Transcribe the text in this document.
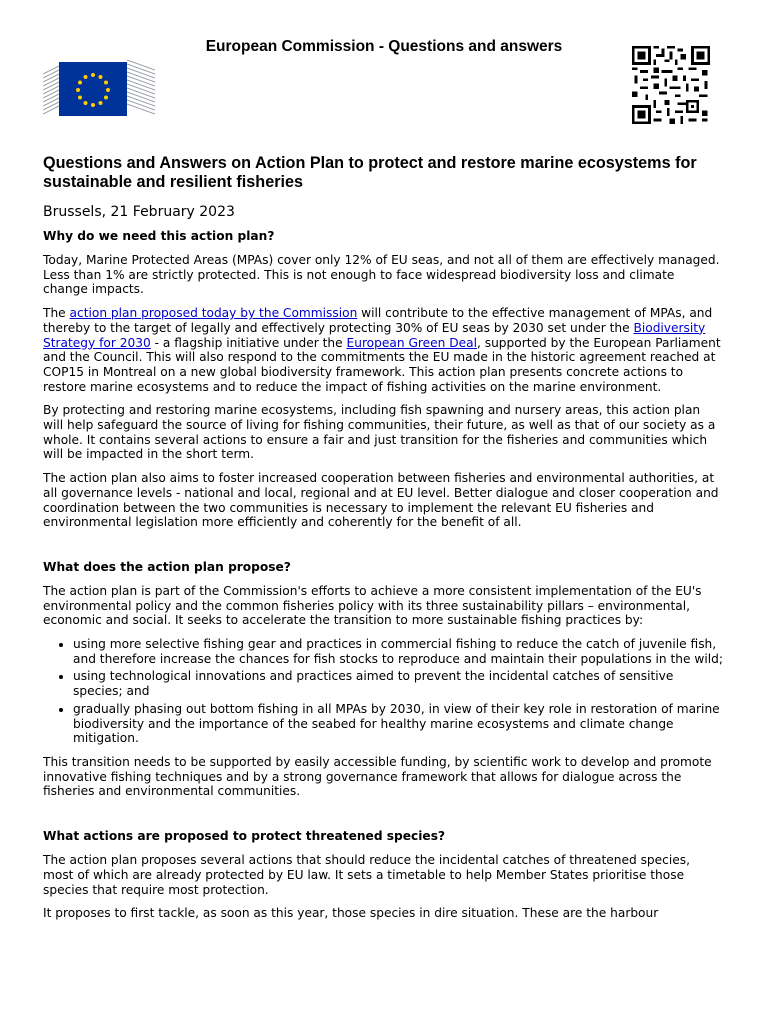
European Commission - Questions and answers
Questions and Answers on Action Plan to protect and restore marine ecosystems for sustainable and resilient fisheries
Brussels, 21 February 2023
Why do we need this action plan?

Today, Marine Protected Areas (MPAs) cover only 12% of EU seas, and not all of them are effectively managed. Less than 1% are strictly protected. This is not enough to face widespread biodiversity loss and climate change impacts.

The action plan proposed today by the Commission will contribute to the effective management of MPAs, and thereby to the target of legally and effectively protecting 30% of EU seas by 2030 set under the Biodiversity Strategy for 2030 - a flagship initiative under the European Green Deal, supported by the European Parliament and the Council. This will also respond to the commitments the EU made in the historic agreement reached at COP15 in Montreal on a new global biodiversity framework. This action plan presents concrete actions to restore marine ecosystems and to reduce the impact of fishing activities on the marine environment.

By protecting and restoring marine ecosystems, including fish spawning and nursery areas, this action plan will help safeguard the source of living for fishing communities, their future, as well as that of our society as a whole. It contains several actions to ensure a fair and just transition for the fisheries and communities which will be impacted in the short term.

The action plan also aims to foster increased cooperation between fisheries and environmental authorities, at all governance levels - national and local, regional and at EU level. Better dialogue and closer cooperation and coordination between the two communities is necessary to implement the relevant EU fisheries and environmental legislation more efficiently and coherently for the benefit of all.

What does the action plan propose?

The action plan is part of the Commission's efforts to achieve a more consistent implementation of the EU's environmental policy and the common fisheries policy with its three sustainability pillars – environmental, economic and social. It seeks to accelerate the transition to more sustainable fishing practices by:

• using more selective fishing gear and practices in commercial fishing to reduce the catch of juvenile fish, and therefore increase the chances for fish stocks to reproduce and maintain their populations in the wild;
• using technological innovations and practices aimed to prevent the incidental catches of sensitive species; and
• gradually phasing out bottom fishing in all MPAs by 2030, in view of their key role in restoration of marine biodiversity and the importance of the seabed for healthy marine ecosystems and climate change mitigation.

This transition needs to be supported by easily accessible funding, by scientific work to develop and promote innovative fishing techniques and by a strong governance framework that allows for dialogue across the fisheries and environmental communities.

What actions are proposed to protect threatened species?

The action plan proposes several actions that should reduce the incidental catches of threatened species, most of which are already protected by EU law. It sets a timetable to help Member States prioritise those species that require most protection.

It proposes to first tackle, as soon as this year, those species in dire situation. These are the harbour
